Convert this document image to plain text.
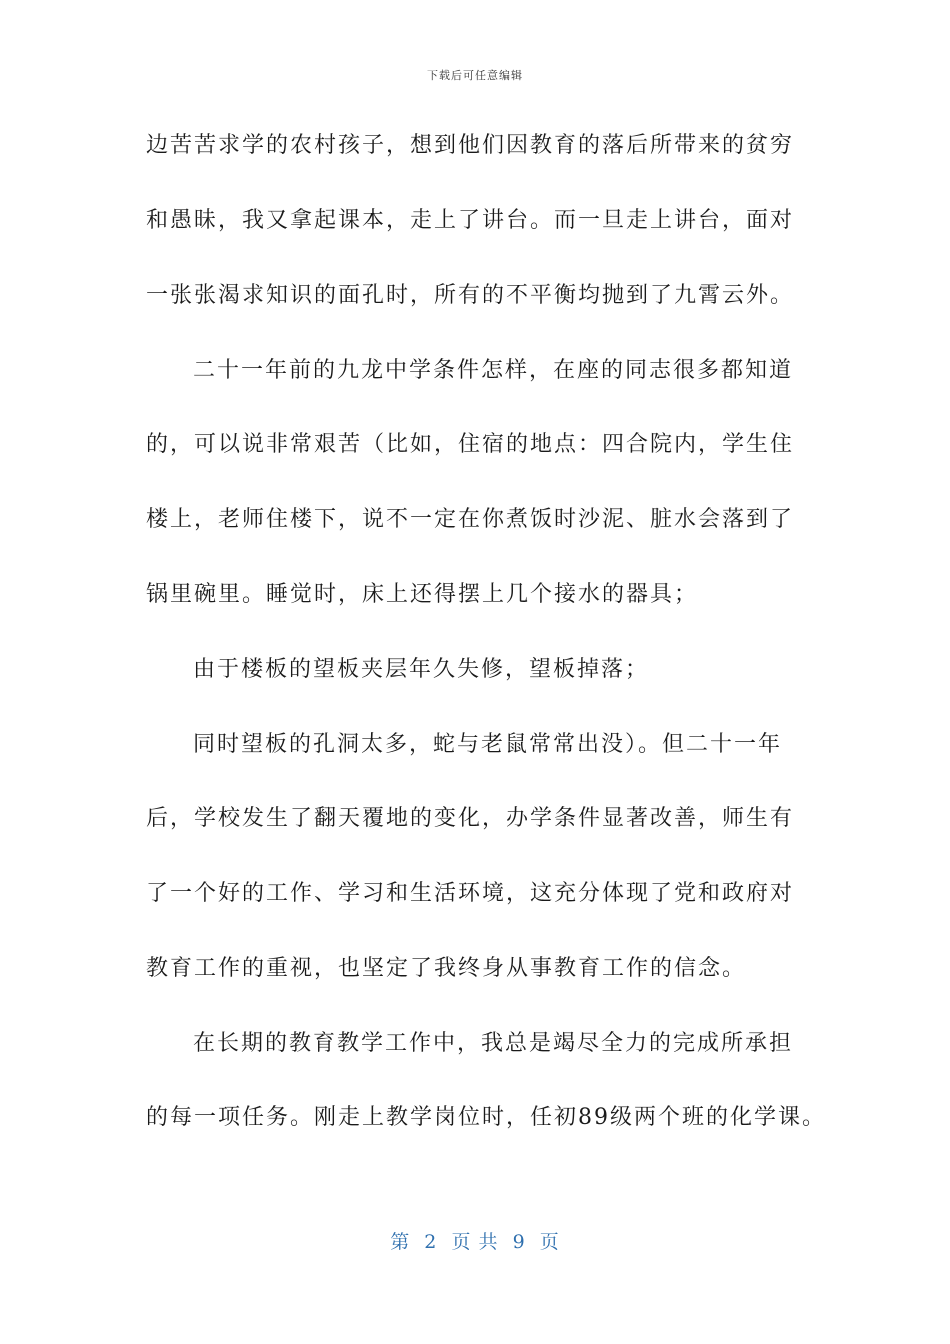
下载后可任意编辑
边苦苦求学的农村孩子，想到他们因教育的落后所带来的贫穷
和愚昧，我又拿起课本，走上了讲台。而一旦走上讲台，面对
一张张渴求知识的面孔时，所有的不平衡均抛到了九霄云外。
二十一年前的九龙中学条件怎样，在座的同志很多都知道
的，可以说非常艰苦（比如，住宿的地点：四合院内，学生住
楼上，老师住楼下，说不一定在你煮饭时沙泥、脏水会落到了
锅里碗里。睡觉时，床上还得摆上几个接水的器具；
由于楼板的望板夹层年久失修，望板掉落；
同时望板的孔洞太多，蛇与老鼠常常出没）。但二十一年
后，学校发生了翻天覆地的变化，办学条件显著改善，师生有
了一个好的工作、学习和生活环境，这充分体现了党和政府对
教育工作的重视，也坚定了我终身从事教育工作的信念。
在长期的教育教学工作中，我总是竭尽全力的完成所承担
的每一项任务。刚走上教学岗位时，任初89级两个班的化学课。
第  2  页 共  9  页
